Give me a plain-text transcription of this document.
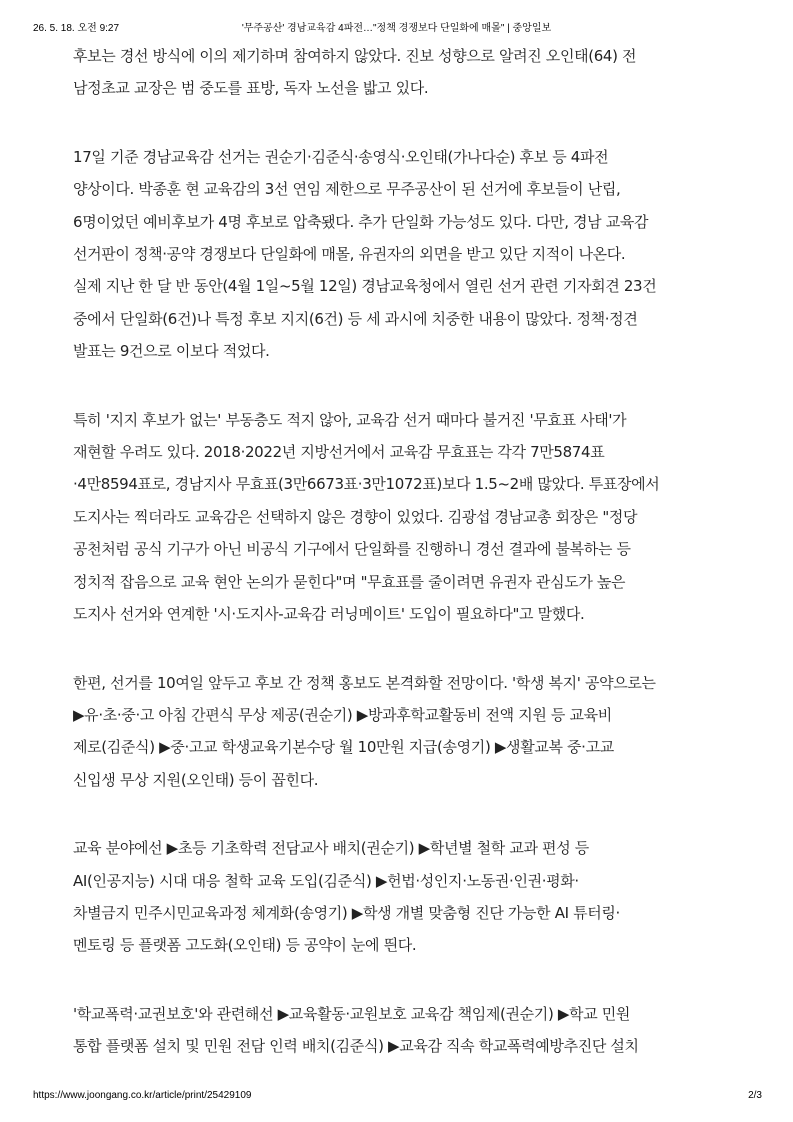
26. 5. 18. 오전 9:27	'무주공산' 경남교육감 4파전…"정책 경쟁보다 단일화에 매몰" | 중앙일보

후보는 경선 방식에 이의 제기하며 참여하지 않았다. 진보 성향으로 알려진 오인태(64) 전
남정초교 교장은 범 중도를 표방, 독자 노선을 밟고 있다.

17일 기준 경남교육감 선거는 권순기·김준식·송영식·오인태(가나다순) 후보 등 4파전
양상이다. 박종훈 현 교육감의 3선 연임 제한으로 무주공산이 된 선거에 후보들이 난립,
6명이었던 예비후보가 4명 후보로 압축됐다. 추가 단일화 가능성도 있다. 다만, 경남 교육감
선거판이 정책·공약 경쟁보다 단일화에 매몰, 유권자의 외면을 받고 있단 지적이 나온다.
실제 지난 한 달 반 동안(4월 1일~5월 12일) 경남교육청에서 열린 선거 관련 기자회견 23건
중에서 단일화(6건)나 특정 후보 지지(6건) 등 세 과시에 치중한 내용이 많았다. 정책·정견
발표는 9건으로 이보다 적었다.

특히 '지지 후보가 없는' 부동층도 적지 않아, 교육감 선거 때마다 불거진 '무효표 사태'가
재현할 우려도 있다. 2018·2022년 지방선거에서 교육감 무효표는 각각 7만5874표
·4만8594표로, 경남지사 무효표(3만6673표·3만1072표)보다 1.5~2배 많았다. 투표장에서
도지사는 찍더라도 교육감은 선택하지 않은 경향이 있었다. 김광섭 경남교총 회장은 "정당
공천처럼 공식 기구가 아닌 비공식 기구에서 단일화를 진행하니 경선 결과에 불복하는 등
정치적 잡음으로 교육 현안 논의가 묻힌다"며 "무효표를 줄이려면 유권자 관심도가 높은
도지사 선거와 연계한 '시·도지사-교육감 러닝메이트' 도입이 필요하다"고 말했다.

한편, 선거를 10여일 앞두고 후보 간 정책 홍보도 본격화할 전망이다. '학생 복지' 공약으로는
▶유·초·중·고 아침 간편식 무상 제공(권순기) ▶방과후학교활동비 전액 지원 등 교육비
제로(김준식) ▶중·고교 학생교육기본수당 월 10만원 지급(송영기) ▶생활교복 중·고교
신입생 무상 지원(오인태) 등이 꼽힌다.

교육 분야에선 ▶초등 기초학력 전담교사 배치(권순기) ▶학년별 철학 교과 편성 등
AI(인공지능) 시대 대응 철학 교육 도입(김준식) ▶헌법·성인지·노동권·인권·평화·
차별금지 민주시민교육과정 체계화(송영기) ▶학생 개별 맞춤형 진단 가능한 AI 튜터링·
멘토링 등 플랫폼 고도화(오인태) 등 공약이 눈에 띈다.

'학교폭력·교권보호'와 관련해선 ▶교육활동·교원보호 교육감 책임제(권순기) ▶학교 민원
통합 플랫폼 설치 및 민원 전담 인력 배치(김준식) ▶교육감 직속 학교폭력예방추진단 설치

https://www.joongang.co.kr/article/print/25429109	2/3
